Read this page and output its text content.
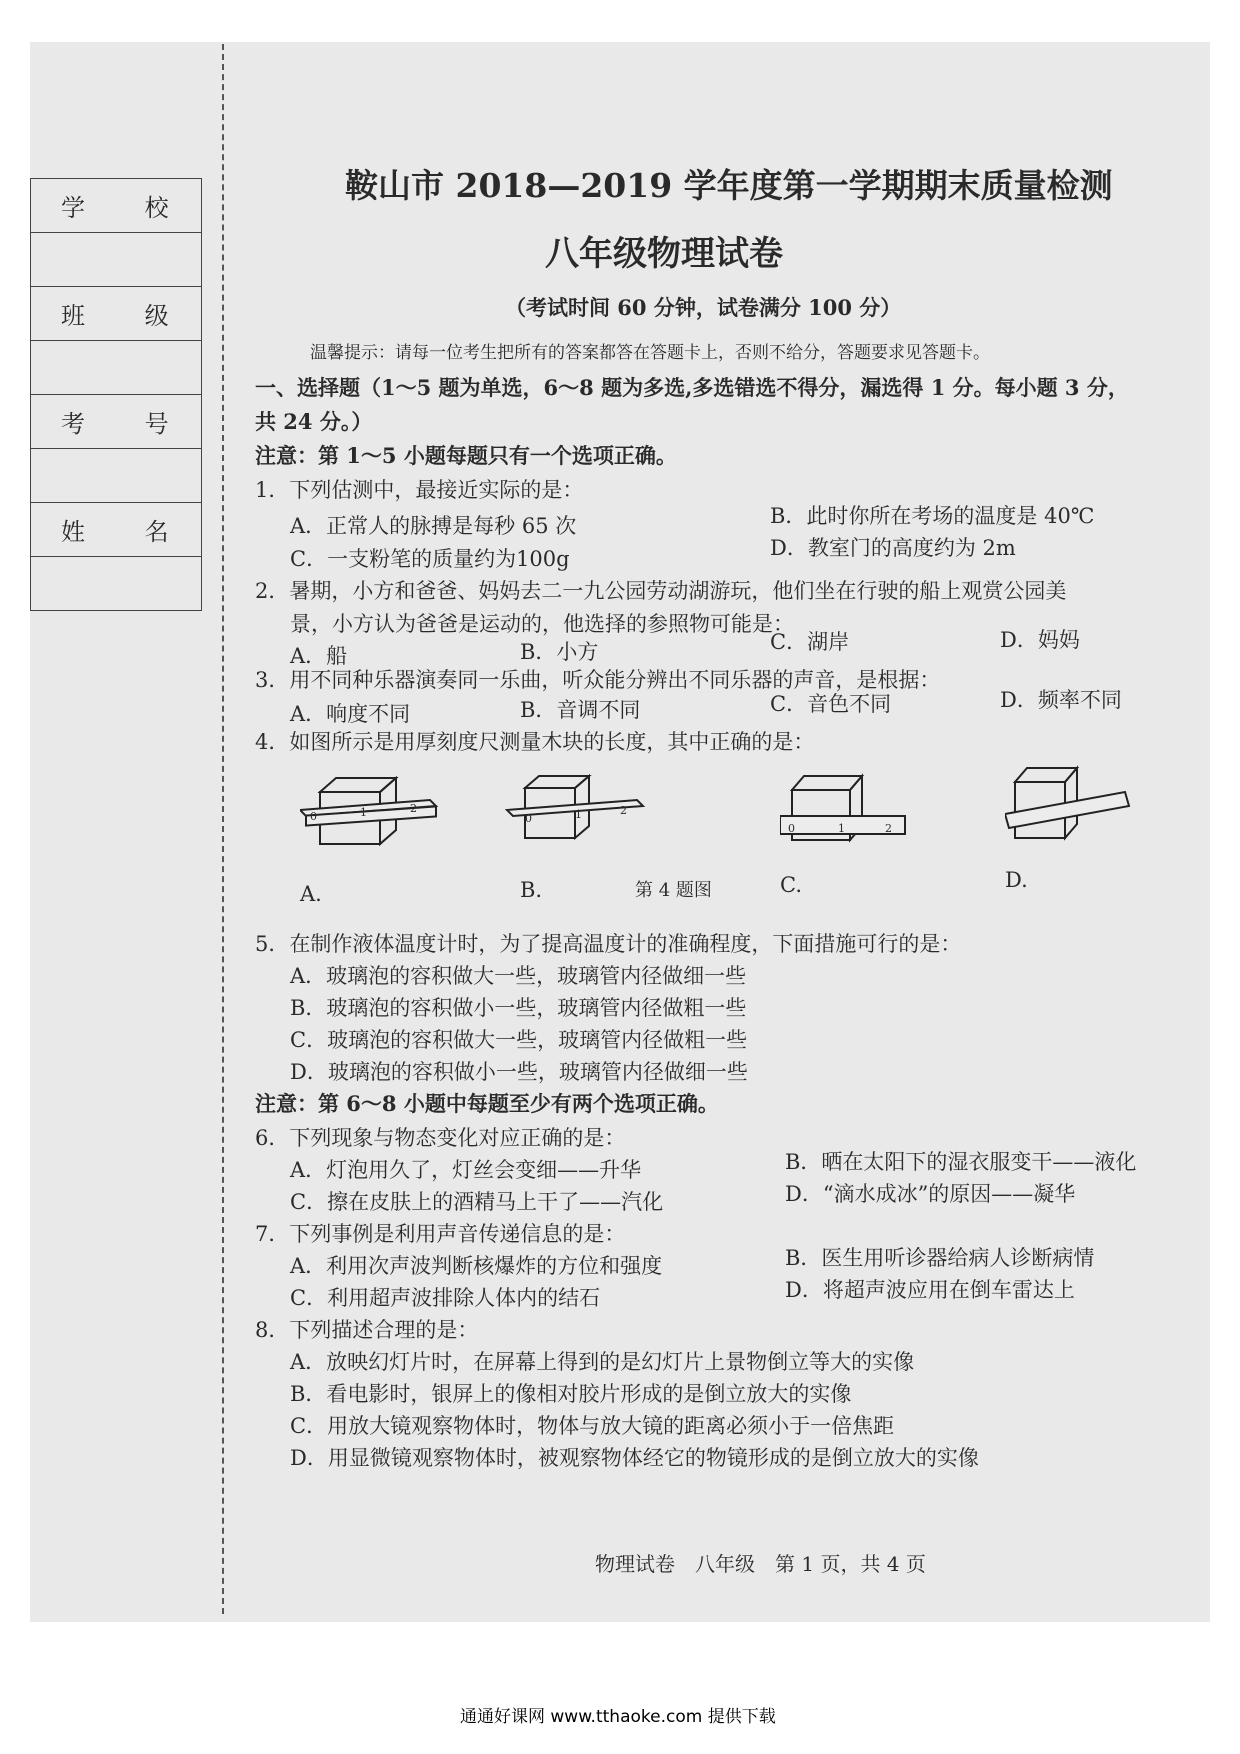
学 校

班 级

考 号

姓 名

鞍山市 2018—2019 学年度第一学期期末质量检测
八年级物理试卷
（考试时间 60 分钟，试卷满分 100 分）
温馨提示：请每一位考生把所有的答案都答在答题卡上，否则不给分，答题要求见答题卡。
一、选择题（1～5 题为单选，6～8 题为多选,多选错选不得分，漏选得 1 分。每小题 3 分，
共 24 分。）
注意：第 1～5 小题每题只有一个选项正确。
1．下列估测中，最接近实际的是：
A．正常人的脉搏是每秒 65 次	B．此时你所在考场的温度是 40℃
C．一支粉笔的质量约为100g	D．教室门的高度约为 2m
2．暑期，小方和爸爸、妈妈去二一九公园劳动湖游玩，他们坐在行驶的船上观赏公园美
景，小方认为爸爸是运动的，他选择的参照物可能是：
A．船	B．小方	C．湖岸	D．妈妈
3．用不同种乐器演奏同一乐曲，听众能分辨出不同乐器的声音，是根据：
A．响度不同	B．音调不同	C．音色不同	D．频率不同
4．如图所示是用厚刻度尺测量木块的长度，其中正确的是：
0	1	2
0	1	2
0	1	2
A.	B.	第 4 题图	C.	D.
5．在制作液体温度计时，为了提高温度计的准确程度，下面措施可行的是：
A．玻璃泡的容积做大一些，玻璃管内径做细一些
B．玻璃泡的容积做小一些，玻璃管内径做粗一些
C．玻璃泡的容积做大一些，玻璃管内径做粗一些
D．玻璃泡的容积做小一些，玻璃管内径做细一些
注意：第 6～8 小题中每题至少有两个选项正确。
6．下列现象与物态变化对应正确的是：
A．灯泡用久了，灯丝会变细——升华	B．晒在太阳下的湿衣服变干——液化
C．擦在皮肤上的酒精马上干了——汽化	D．“滴水成冰”的原因——凝华
7．下列事例是利用声音传递信息的是：
A．利用次声波判断核爆炸的方位和强度	B．医生用听诊器给病人诊断病情
C．利用超声波排除人体内的结石	D．将超声波应用在倒车雷达上
8．下列描述合理的是：
A．放映幻灯片时，在屏幕上得到的是幻灯片上景物倒立等大的实像
B．看电影时，银屏上的像相对胶片形成的是倒立放大的实像
C．用放大镜观察物体时，物体与放大镜的距离必须小于一倍焦距
D．用显微镜观察物体时，被观察物体经它的物镜形成的是倒立放大的实像
物理试卷　八年级　第 1 页，共 4 页
通通好课网 www.tthaoke.com 提供下载
